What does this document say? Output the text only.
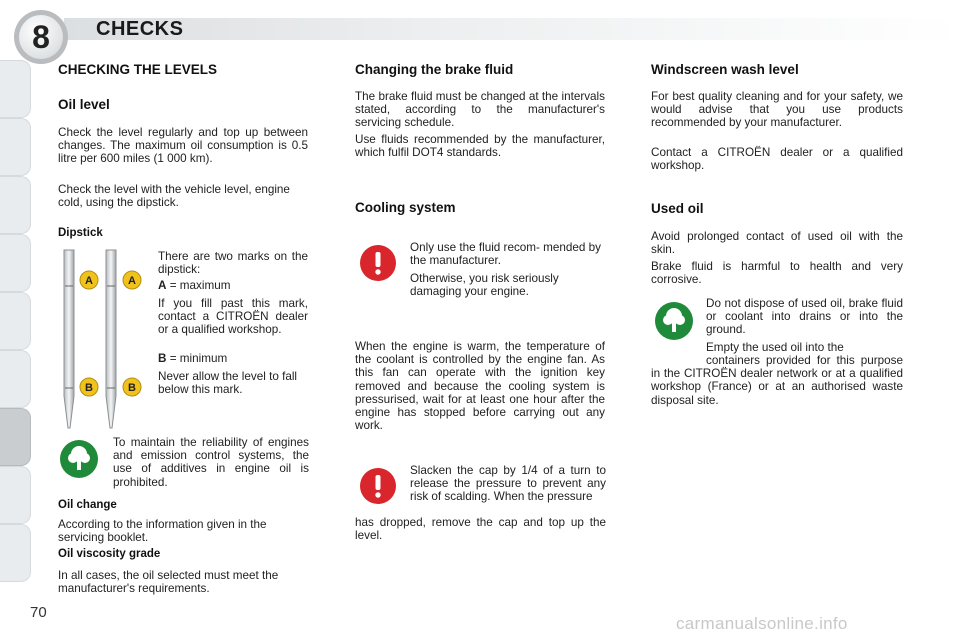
8	CHECKS
CHECKING THE LEVELS
Oil level
Check the level regularly and top up between changes. The maximum oil consumption is 0.5 litre per 600 miles (1 000 km).
Check the level with the vehicle level, engine cold, using the dipstick.
Dipstick
A	A
B	B
There are two marks on the dipstick:
A = maximum
If you fill past this mark, contact a CITROËN dealer or a qualified workshop.
B = minimum
Never allow the level to fall below this mark.
To maintain the reliability of engines and emission control systems, the use of additives in engine oil is prohibited.
Oil change
According to the information given in the servicing booklet.
Oil viscosity grade
In all cases, the oil selected must meet the manufacturer's requirements.
Changing the brake fluid
The brake fluid must be changed at the intervals stated, according to the manufacturer's servicing schedule.
Use fluids recommended by the manufacturer, which fulfil DOT4 standards.
Cooling system
Only use the fluid recom- mended by the manufacturer.
Otherwise, you risk seriously damaging your engine.
When the engine is warm, the temperature of the coolant is controlled by the engine fan. As this fan can operate with the ignition key removed and because the cooling system is pressurised, wait for at least one hour after the engine has stopped before carrying out any work.
Slacken the cap by 1/4 of a turn to release the pressure to prevent any risk of scalding. When the pressure
has dropped, remove the cap and top up the level.
Windscreen wash level
For best quality cleaning and for your safety, we would advise that you use products recommended by your manufacturer.
Contact a CITROËN dealer or a qualified workshop.
Used oil
Avoid prolonged contact of used oil with the skin.
Brake fluid is harmful to health and very corrosive.
Do not dispose of used oil, brake fluid or coolant into drains or into the ground.
Empty the used oil into the
containers provided for this purpose in the CITROËN dealer network or at a qualified workshop (France) or at an authorised waste disposal site.
70
carmanualsonline.info
